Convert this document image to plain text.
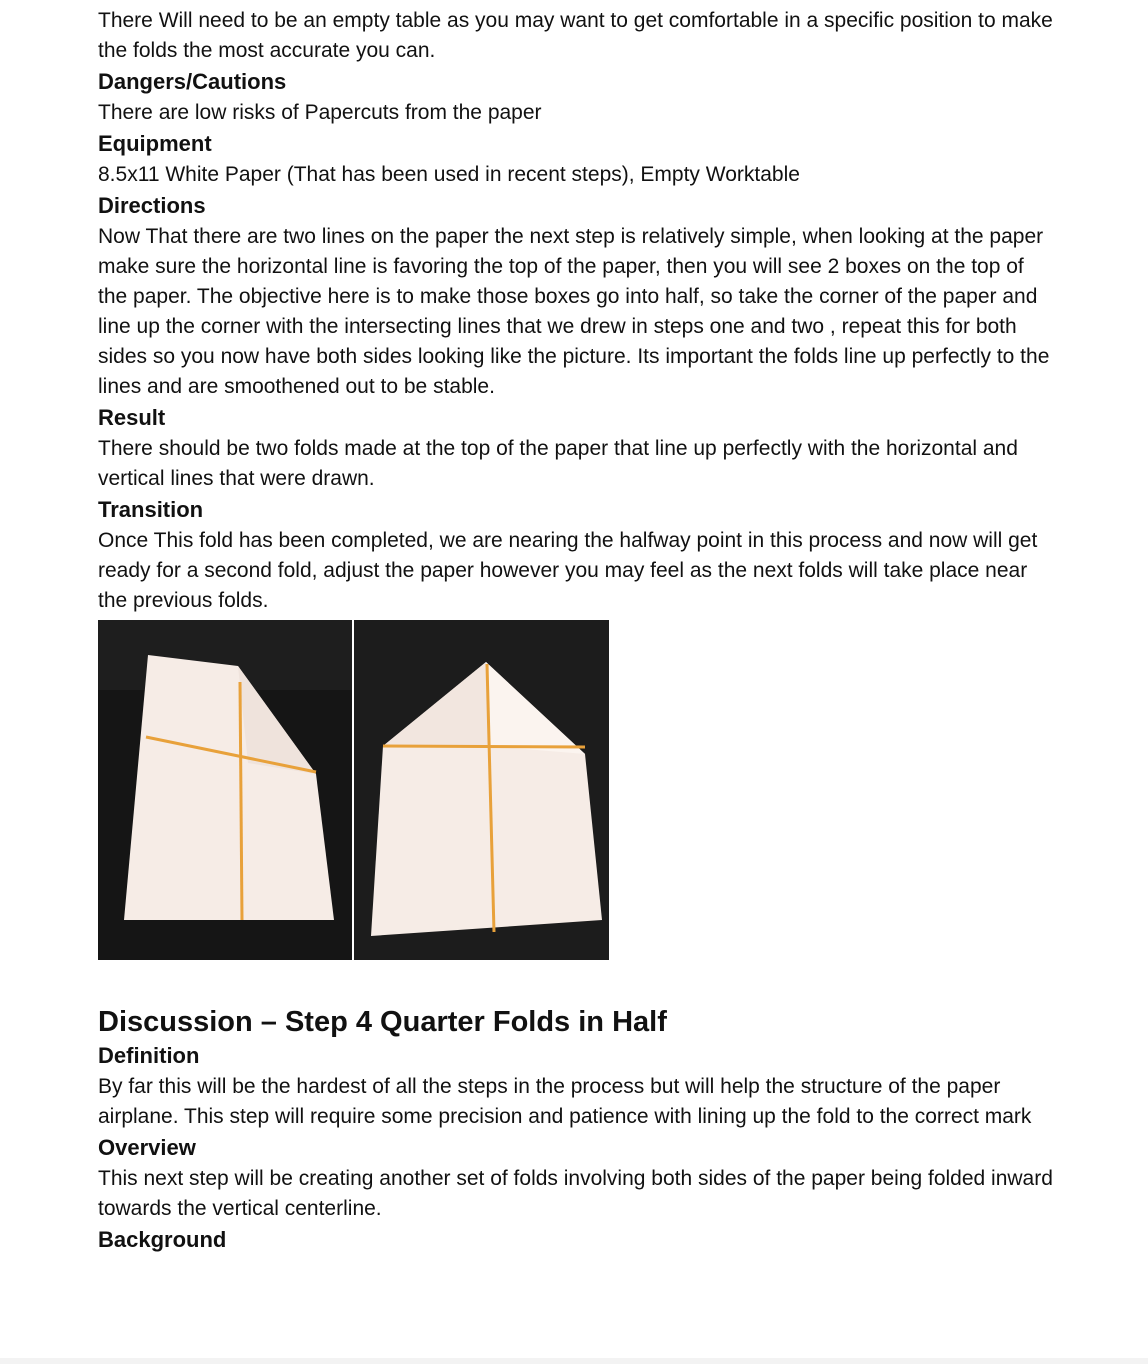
There Will need to be an empty table as you may want to get comfortable in a specific position to make the folds the most accurate you can.

Dangers/Cautions

There are low risks of Papercuts from the paper

Equipment

8.5x11 White Paper (That has been used in recent steps), Empty Worktable

Directions

Now That there are two lines on the paper the next step is relatively simple, when looking at the paper make sure the horizontal line is favoring the top of the paper, then you will see 2 boxes on the top of the paper. The objective here is to make those boxes go into half, so take the corner of the paper and line up the corner with the intersecting lines that we drew in steps one and two , repeat this for both sides so you now have both sides looking like the picture. Its important the folds line up perfectly to the lines and are smoothened out to be stable.

Result

There should be two folds made at the top of the paper that line up perfectly with the horizontal and vertical lines that were drawn.

Transition

Once This fold has been completed, we are nearing the halfway point in this process and now will get ready for a second fold, adjust the paper however you may feel as the next folds will take place near the previous folds.

Discussion – Step 4 Quarter Folds in Half

Definition

By far this will be the hardest of all the steps in the process but will help the structure of the paper airplane. This step will require some precision and patience with lining up the fold to the correct mark

Overview

This next step will be creating another set of folds involving both sides of the paper being folded inward towards the vertical centerline.

Background
